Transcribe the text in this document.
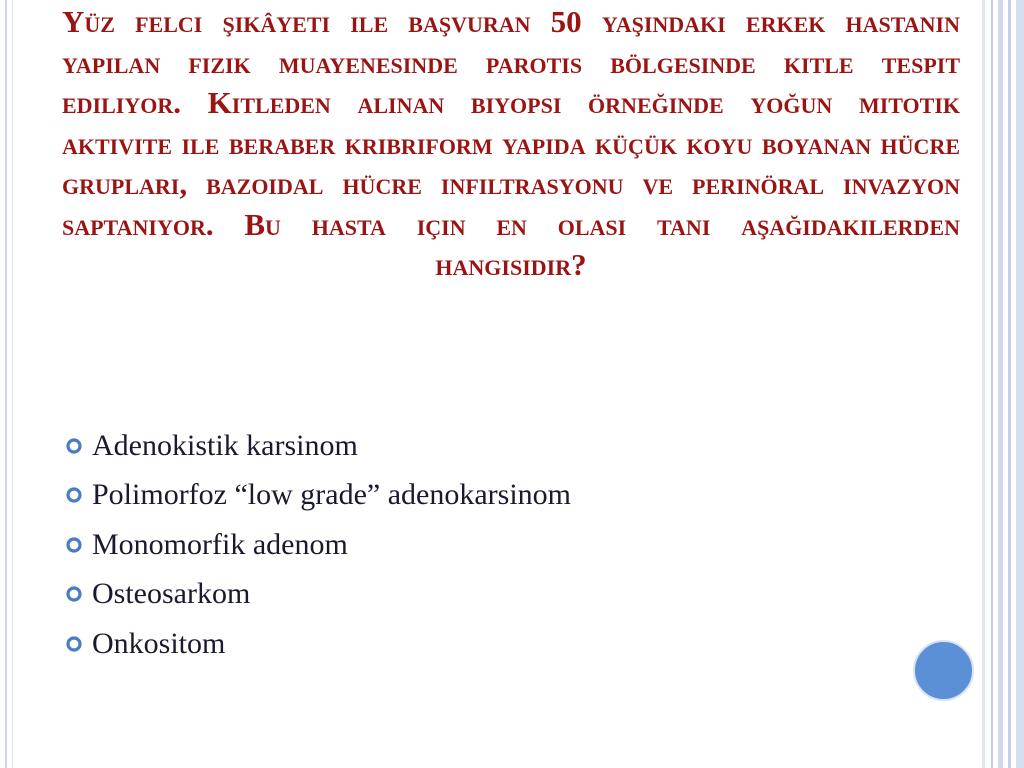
Yüz felci şikâyeti ile başvuran 50 yaşındaki erkek hastanın yapılan fizik muayenesinde parotis bölgesinde kitle tespit ediliyor. Kitleden alınan biyopsi örneğinde yoğun mitotik aktivite ile beraber kribriform yapıda küçük koyu boyanan hücre grupları, bazoidal hücre infiltrasyonu ve perinöral invazyon saptanıyor. Bu hasta için en olası tanı aşağıdakilerden
hangisidir?
Adenokistik karsinom
Polimorfoz “low grade” adenokarsinom
Monomorfik adenom
Osteosarkom
Onkositom
